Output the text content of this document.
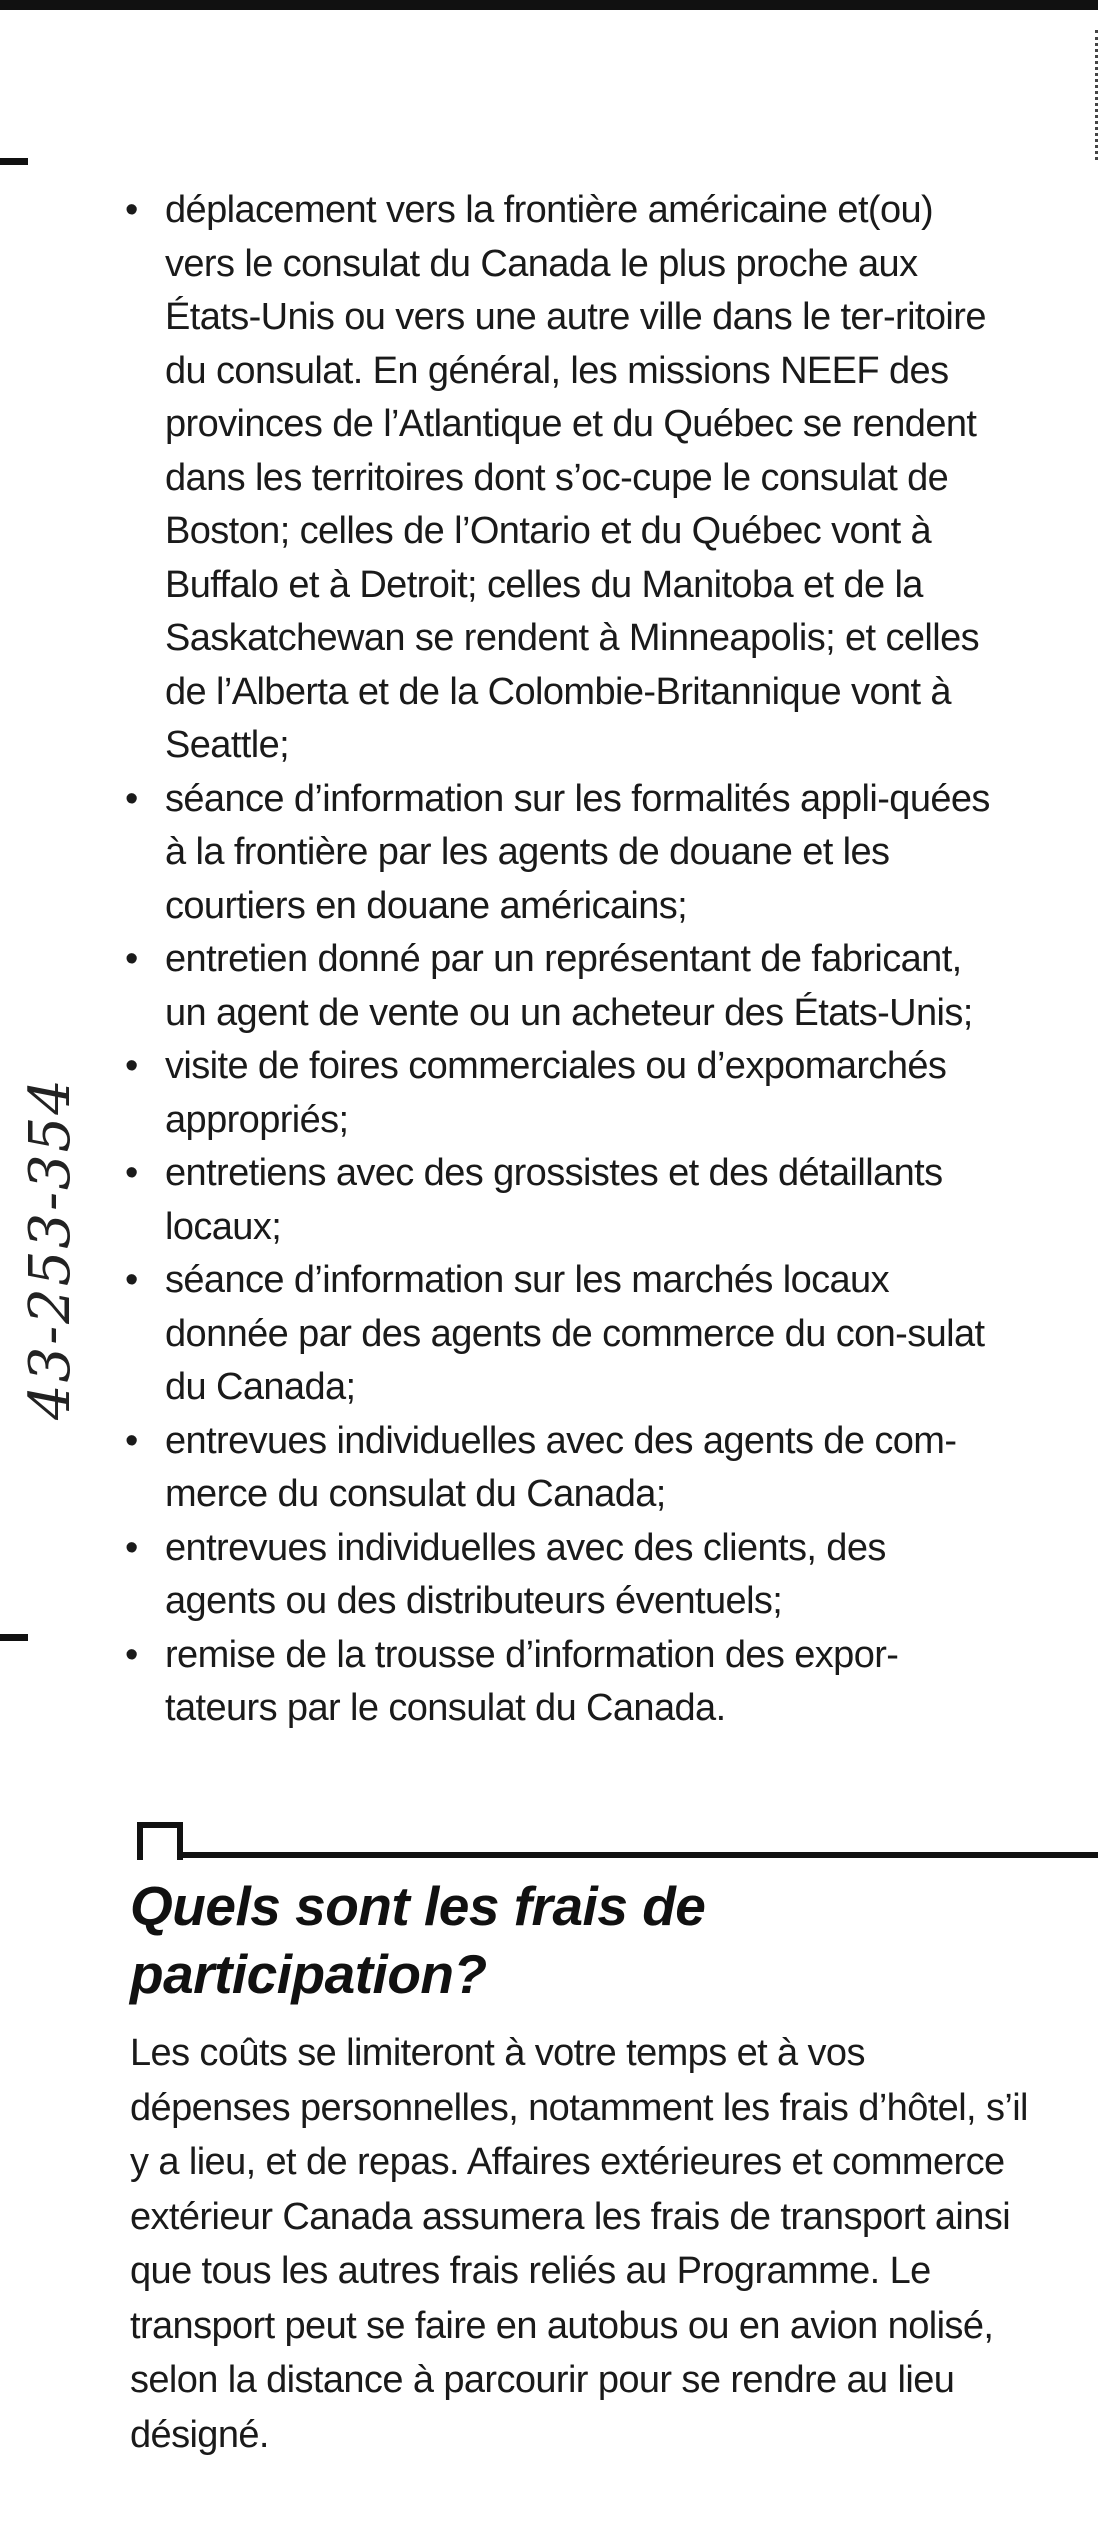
43-253-354
• déplacement vers la frontière américaine et(ou) vers le consulat du Canada le plus proche aux États-Unis ou vers une autre ville dans le ter-ritoire du consulat. En général, les missions NEEF des provinces de l’Atlantique et du Québec se rendent dans les territoires dont s’oc-cupe le consulat de Boston; celles de l’Ontario et du Québec vont à Buffalo et à Detroit; celles du Manitoba et de la Saskatchewan se rendent à Minneapolis; et celles de l’Alberta et de la Colombie-Britannique vont à Seattle;
• séance d’information sur les formalités appli-quées à la frontière par les agents de douane et les courtiers en douane américains;
• entretien donné par un représentant de fabricant, un agent de vente ou un acheteur des États-Unis;
• visite de foires commerciales ou d’expomarchés appropriés;
• entretiens avec des grossistes et des détaillants locaux;
• séance d’information sur les marchés locaux donnée par des agents de commerce du con-sulat du Canada;
• entrevues individuelles avec des agents de com-merce du consulat du Canada;
• entrevues individuelles avec des clients, des agents ou des distributeurs éventuels;
• remise de la trousse d’information des expor-tateurs par le consulat du Canada.
Quels sont les frais de participation?

Les coûts se limiteront à votre temps et à vos dépenses personnelles, notamment les frais d’hôtel, s’il y a lieu, et de repas. Affaires extérieures et commerce extérieur Canada assumera les frais de transport ainsi que tous les autres frais reliés au Programme. Le transport peut se faire en autobus ou en avion nolisé, selon la distance à parcourir pour se rendre au lieu désigné.
